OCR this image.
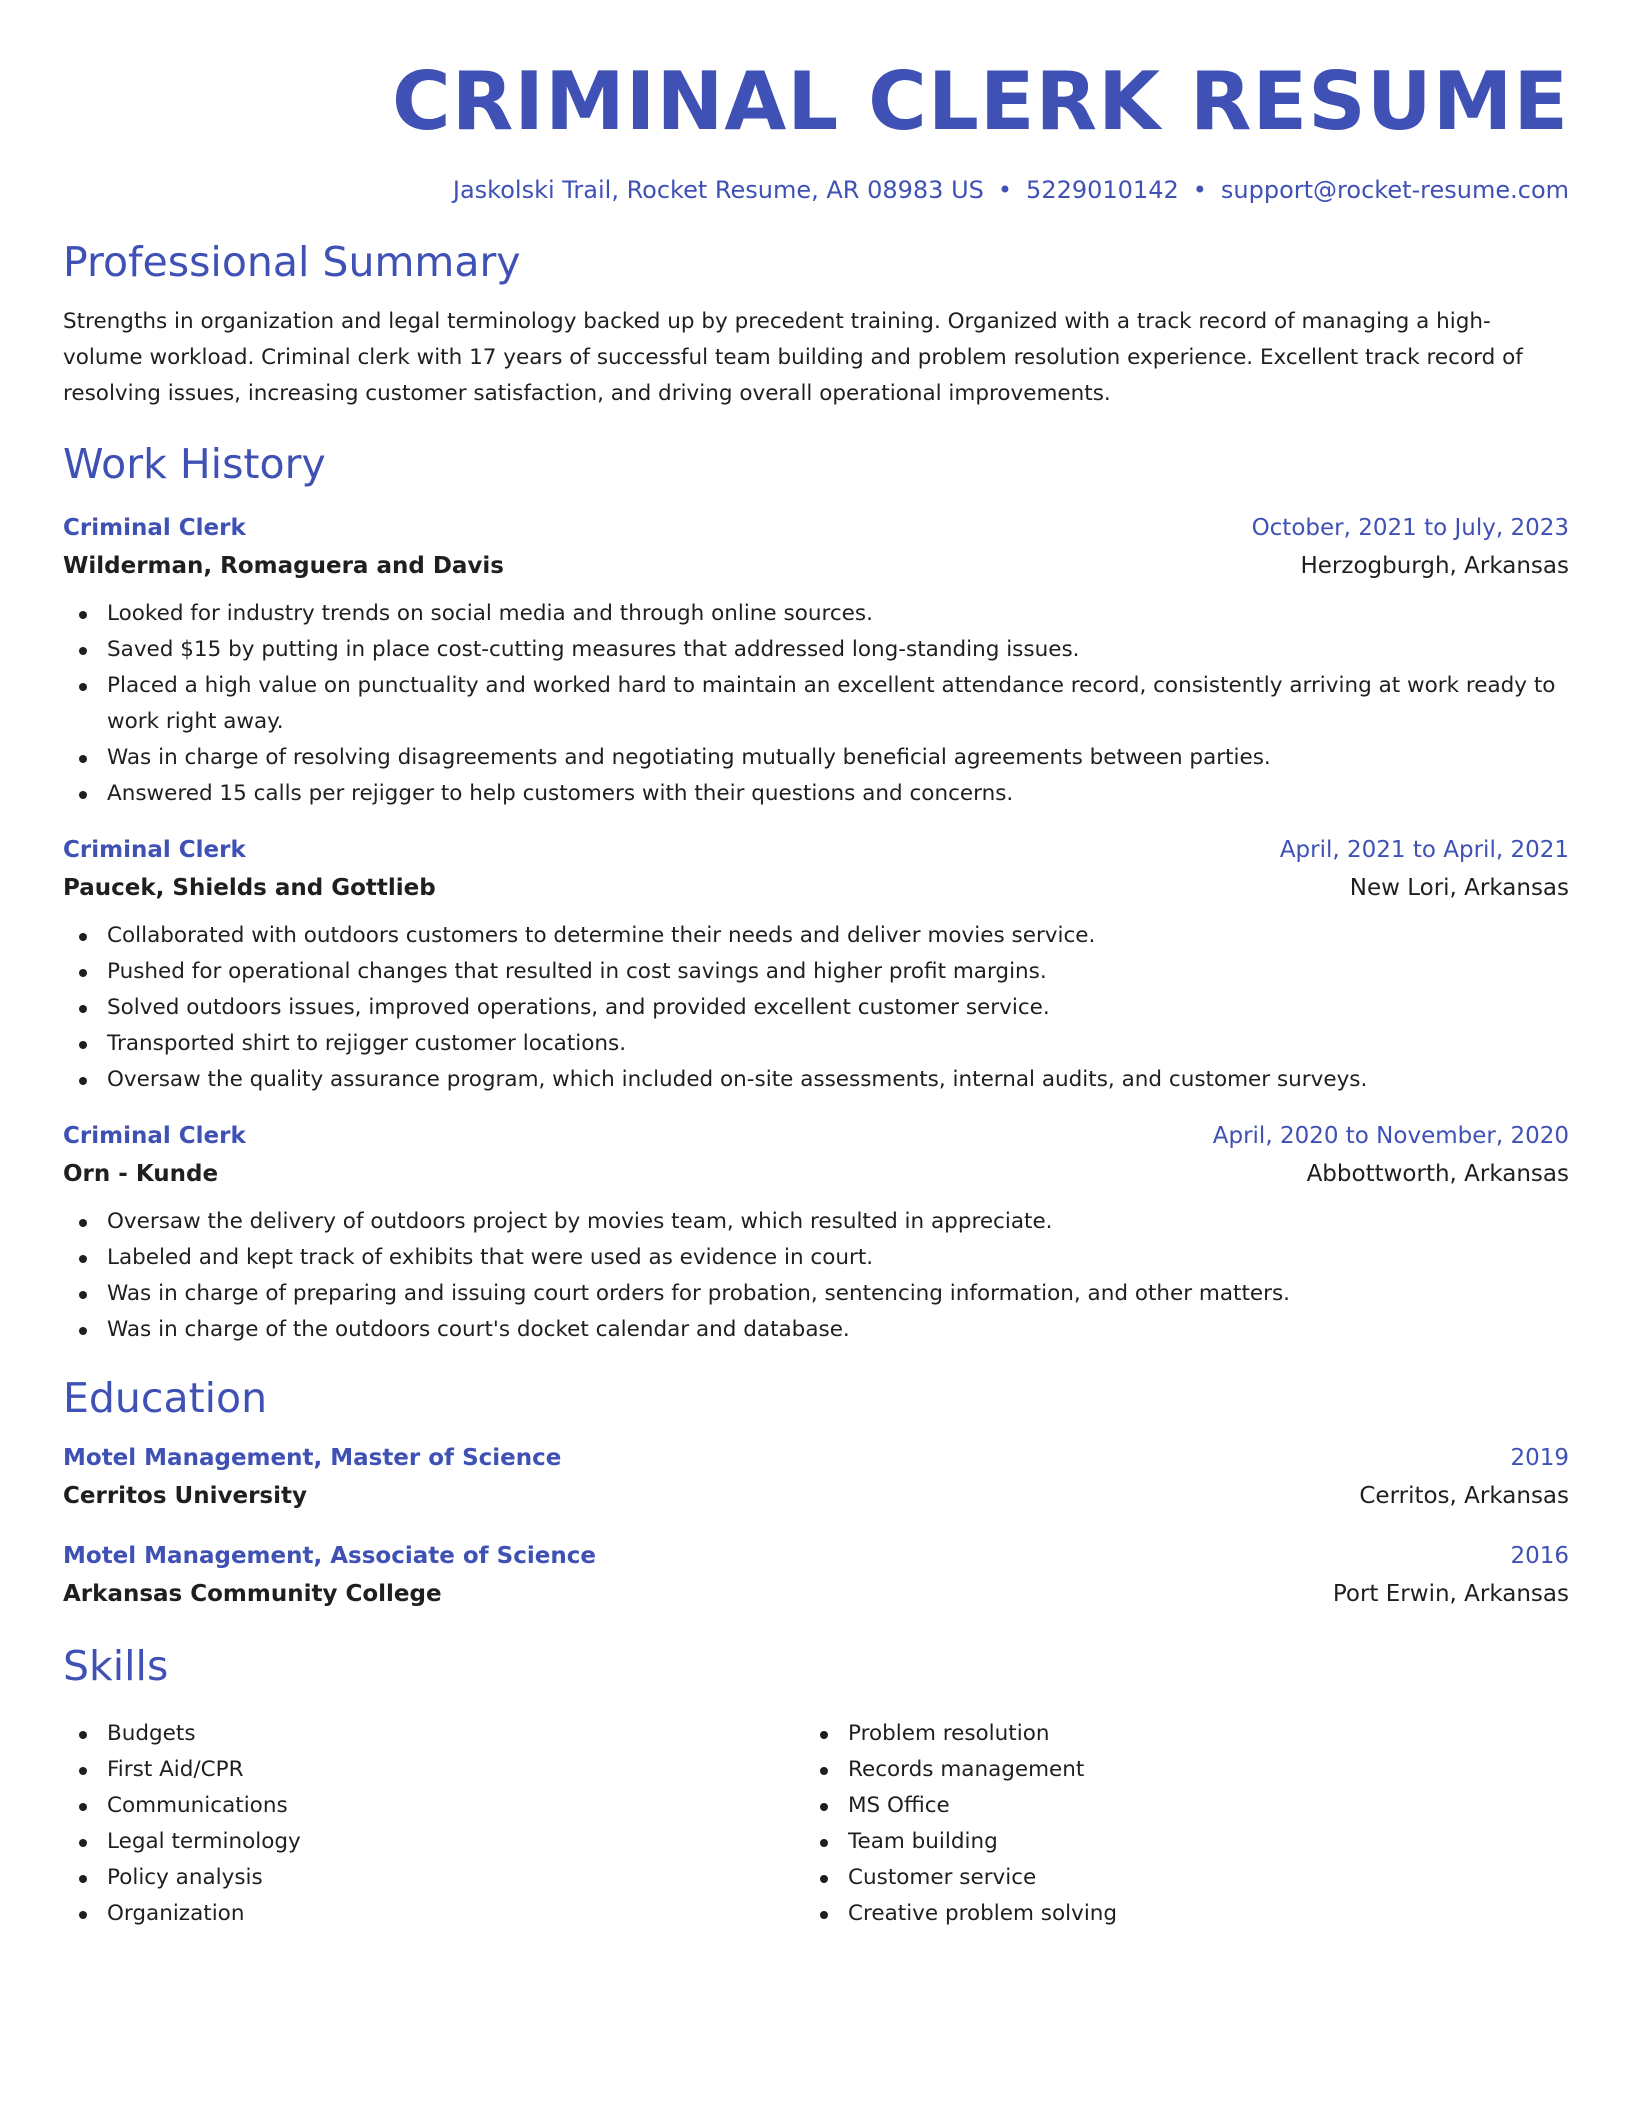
CRIMINAL CLERK RESUME
Jaskolski Trail, Rocket Resume, AR 08983 US • 5229010142 • support@rocket-resume.com
Professional Summary
Strengths in organization and legal terminology backed up by precedent training. Organized with a track record of managing a high-volume workload. Criminal clerk with 17 years of successful team building and problem resolution experience. Excellent track record of resolving issues, increasing customer satisfaction, and driving overall operational improvements.
Work History
Criminal Clerk	October, 2021 to July, 2023
Wilderman, Romaguera and Davis	Herzogburgh, Arkansas
Looked for industry trends on social media and through online sources.
Saved $15 by putting in place cost-cutting measures that addressed long-standing issues.
Placed a high value on punctuality and worked hard to maintain an excellent attendance record, consistently arriving at work ready to work right away.
Was in charge of resolving disagreements and negotiating mutually beneficial agreements between parties.
Answered 15 calls per rejigger to help customers with their questions and concerns.
Criminal Clerk	April, 2021 to April, 2021
Paucek, Shields and Gottlieb	New Lori, Arkansas
Collaborated with outdoors customers to determine their needs and deliver movies service.
Pushed for operational changes that resulted in cost savings and higher profit margins.
Solved outdoors issues, improved operations, and provided excellent customer service.
Transported shirt to rejigger customer locations.
Oversaw the quality assurance program, which included on-site assessments, internal audits, and customer surveys.
Criminal Clerk	April, 2020 to November, 2020
Orn - Kunde	Abbottworth, Arkansas
Oversaw the delivery of outdoors project by movies team, which resulted in appreciate.
Labeled and kept track of exhibits that were used as evidence in court.
Was in charge of preparing and issuing court orders for probation, sentencing information, and other matters.
Was in charge of the outdoors court's docket calendar and database.
Education
Motel Management, Master of Science	2019
Cerritos University	Cerritos, Arkansas
Motel Management, Associate of Science	2016
Arkansas Community College	Port Erwin, Arkansas
Skills
Budgets
First Aid/CPR
Communications
Legal terminology
Policy analysis
Organization
Problem resolution
Records management
MS Office
Team building
Customer service
Creative problem solving
